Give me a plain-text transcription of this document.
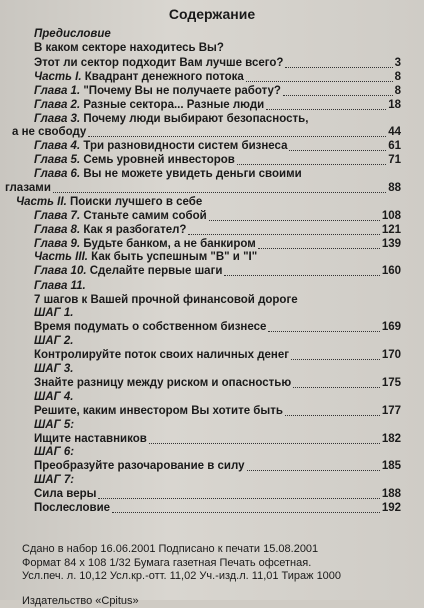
Содержание
Предисловие
В каком секторе находитесь Вы?
Этот ли сектор подходит Вам лучше всего?	3
Часть I. Квадрант денежного потока	8
Глава 1. "Почему Вы не получаете работу?	8
Глава 2. Разные сектора... Разные люди	18
Глава 3. Почему люди выбирают безопасность,
а не свободу	44
Глава 4. Три разновидности систем бизнеса	61
Глава 5. Семь уровней инвесторов	71
Глава 6. Вы не можете увидеть деньги своими
глазами	88
Часть II. Поиски лучшего в себе
Глава 7. Станьте самим собой	108
Глава 8. Как я разбогател?	121
Глава 9. Будьте банком, а не банкиром	139
Часть III. Как быть успешным "B" и "I"
Глава 10. Сделайте первые шаги	160
Глава 11.
7 шагов к Вашей прочной финансовой дороге
ШАГ 1.
Время подумать о собственном бизнесе	169
ШАГ 2.
Контролируйте поток своих наличных денег	170
ШАГ 3.
Знайте разницу между риском и опасностью	175
ШАГ 4.
Решите, каким инвестором Вы хотите быть	177
ШАГ 5:
Ищите наставников	182
ШАГ 6:
Преобразуйте разочарование в силу	185
ШАГ 7:
Сила веры	188
Послесловие	192
Сдано в набор 16.06.2001 Подписано к печати 15.08.2001
Формат 84 х 108 1/32 Бумага газетная Печать офсетная.
Усл.печ. л. 10,12 Усл.кр.-отт. 11,02 Уч.-изд.л. 11,01 Тираж 1000
Издательство «Сріtus»
